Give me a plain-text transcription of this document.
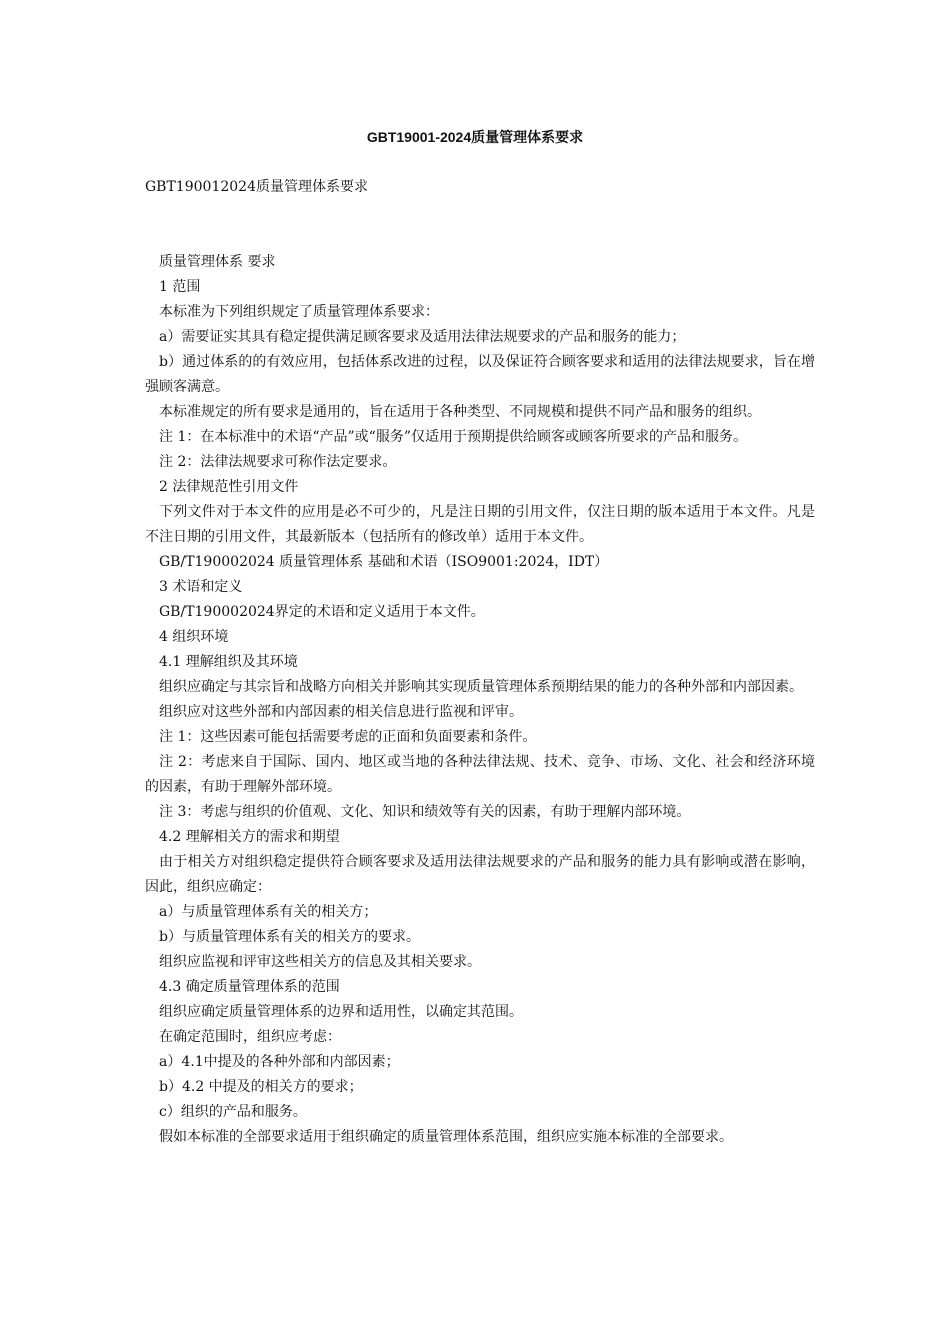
GBT19001-2024质量管理体系要求
GBT190012024质量管理体系要求

质量管理体系 要求

1 范围

本标准为下列组织规定了质量管理体系要求：

a）需要证实其具有稳定提供满足顾客要求及适用法律法规要求的产品和服务的能力；

b）通过体系的的有效应用，包括体系改进的过程，以及保证符合顾客要求和适用的法律法规要求，旨在增强顾客满意。

本标准规定的所有要求是通用的，旨在适用于各种类型、不同规模和提供不同产品和服务的组织。

注 1：在本标准中的术语“产品”或“服务”仅适用于预期提供给顾客或顾客所要求的产品和服务。

注 2：法律法规要求可称作法定要求。

2 法律规范性引用文件

下列文件对于本文件的应用是必不可少的，凡是注日期的引用文件，仅注日期的版本适用于本文件。凡是不注日期的引用文件，其最新版本（包括所有的修改单）适用于本文件。

GB/T190002024 质量管理体系 基础和术语（ISO9001:2024，IDT）

3 术语和定义

GB/T190002024界定的术语和定义适用于本文件。

4 组织环境

4.1 理解组织及其环境

组织应确定与其宗旨和战略方向相关并影响其实现质量管理体系预期结果的能力的各种外部和内部因素。

组织应对这些外部和内部因素的相关信息进行监视和评审。

注 1：这些因素可能包括需要考虑的正面和负面要素和条件。

注 2：考虑来自于国际、国内、地区或当地的各种法律法规、技术、竞争、市场、文化、社会和经济环境的因素，有助于理解外部环境。

注 3：考虑与组织的价值观、文化、知识和绩效等有关的因素，有助于理解内部环境。

4.2 理解相关方的需求和期望

由于相关方对组织稳定提供符合顾客要求及适用法律法规要求的产品和服务的能力具有影响或潜在影响，因此，组织应确定：

a）与质量管理体系有关的相关方；

b）与质量管理体系有关的相关方的要求。

组织应监视和评审这些相关方的信息及其相关要求。

4.3 确定质量管理体系的范围

组织应确定质量管理体系的边界和适用性，以确定其范围。

在确定范围时，组织应考虑：

a）4.1中提及的各种外部和内部因素；

b）4.2 中提及的相关方的要求；

c）组织的产品和服务。

假如本标准的全部要求适用于组织确定的质量管理体系范围，组织应实施本标准的全部要求。
